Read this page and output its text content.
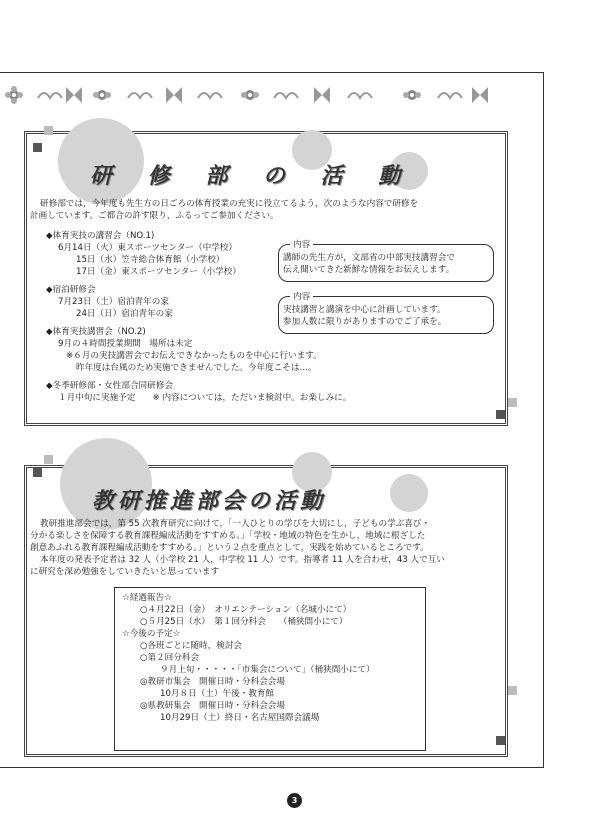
研 修 部 の 活 動
研修部では，今年度も先生方の日ごろの体育授業の充実に役立てるよう，次のような内容で研修を
計画しています。ご都合の許す限り，ふるってご参加ください。
◆体育実技の講習会（NO.1)
6月14日（火）東スポーツセンター（中学校）
15日（水）笠寺総合体育館（小学校）
17日（金）東スポーツセンター（小学校）
◆宿泊研修会
7月23日（土）宿泊青年の家
24日（日）宿泊青年の家
◆体育実技講習会（NO.2)
9月の４時間授業期間　場所は未定
※６月の実技講習会でお伝えできなかったものを中心に行います。
昨年度は台風のため実施できませんでした。今年度こそは…。
◆冬季研修部・女性部合同研修会
１月中旬に実施予定　　※ 内容については，ただいま検討中。お楽しみに。
講師の先生方が，文部省の中部実技講習会で
伝え聞いてきた新鮮な情報をお伝えします。
内容
実技講習と講演を中心に計画しています。
参加人数に限りがありますのでご了承を。
内容
教研推進部会の活動
教研推進部会では，第 55 次教育研究に向けて，「一人ひとりの学びを大切にし，子どもの学ぶ喜び・
分かる楽しさを保障する教育課程編成活動をすすめる。」「学校・地域の特色を生かし，地域に根ざした
創意あふれる教育課程編成活動をすすめる。」という２点を重点として，実践を始めているところです。
本年度の発表予定者は 32 人（小学校 21 人，中学校 11 人）です。指導者 11 人を合わせ，43 人で互い
に研究を深め勉強をしていきたいと思っています
☆経過報告☆
○４月22日（金）　オリエンテーション（名城小にて）
○５月25日（水）　第１回分科会　　（桶狭間小にて）
☆今後の予定☆
○各班ごとに随時，検討会
○第２回分科会
９月上旬・・・・・「市集会について」（桶狭間小にて）
◎教研市集会　開催日時・分科会会場
10月８日（土）午後・教育館
◎県教研集会　開催日時・分科会会場
10月29日（土）終日・名古屋国際会議場
3
